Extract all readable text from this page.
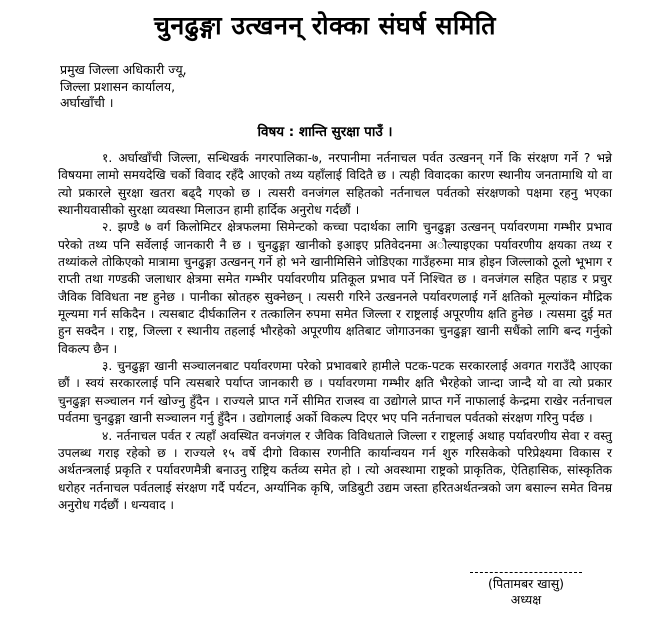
चुनढुङ्गा उत्खनन् रोक्का संघर्ष समिति
प्रमुख जिल्ला अधिकारी ज्यू,
जिल्ला प्रशासन कार्यालय,
अर्घाखाँची ।
विषय : शान्ति सुरक्षा पाउँ ।

१. अर्घाखाँची जिल्ला, सन्धिखर्क नगरपालिका-७, नरपानीमा नर्तनाचल पर्वत उत्खनन् गर्ने कि संरक्षण गर्ने ? भन्ने विषयमा लामो समयदेखि चर्को विवाद रहँदै आएको तथ्य यहाँलाई विदितै छ । त्यही विवादका कारण स्थानीय जनतामाथि यो वा त्यो प्रकारले सुरक्षा खतरा बढ्दै गएको छ । त्यसरी वनजंगल सहितको नर्तनाचल पर्वतको संरक्षणको पक्षमा रहनु भएका स्थानीयवासीको सुरक्षा व्यवस्था मिलाउन हामी हार्दिक अनुरोध गर्दछौं ।

२. झण्डै ७ वर्ग किलोमिटर क्षेत्रफलमा सिमेन्टको कच्चा पदार्थका लागि चुनढुङ्गा उत्खनन् पर्यावरणमा गम्भीर प्रभाव परेको तथ्य पनि सर्वेलाई जानकारी नै छ । चुनढुङ्गा खानीको इआइए प्रतिवेदनमा अौल्याइएका पर्यावरणीय क्षयका तथ्य र तथ्यांकले तोकिएको मात्रामा चुनढुङ्गा उत्खनन् गर्ने हो भने खानीमिसिने जोडिएका गाउँहरुमा मात्र होइन जिल्लाको ठूलो भूभाग र राप्ती तथा गण्डकी जलाधार क्षेत्रमा समेत गम्भीर पर्यावरणीय प्रतिकूल प्रभाव पर्ने निश्चित छ । वनजंगल सहित पहाड र प्रचुर जैविक विविधता नष्ट हुनेछ । पानीका स्रोतहरु सुक्नेछन् । त्यसरी गरिने उत्खननले पर्यावरणलाई गर्ने क्षतिको मूल्यांकन मौद्रिक मूल्यमा गर्न सकिदैन । त्यसबाट दीर्घकालिन र तत्कालिन रुपमा समेत जिल्ला र राष्ट्रलाई अपूरणीय क्षति हुनेछ । त्यसमा दुई मत हुन सक्दैन । राष्ट्र, जिल्ला र स्थानीय तहलाई भौरहेको अपूरणीय क्षतिबाट जोगाउनका चुनढुङ्गा खानी सधैंको लागि बन्द गर्नुको विकल्प छैन ।

३. चुनढुङ्गा खानी सञ्चालनबाट पर्यावरणमा परेको प्रभावबारे हामीले पटक-पटक सरकारलाई अवगत गराउँदै आएका छौं । स्वयं सरकारलाई पनि त्यसबारे पर्याप्त जानकारी छ । पर्यावरणमा गम्भीर क्षति भैरहेको जान्दा जान्दै यो वा त्यो प्रकार चुनढुङ्गा सञ्चालन गर्न खोज्नु हुँदैन । राज्यले प्राप्त गर्ने सीमित राजस्व वा उद्योगले प्राप्त गर्ने नाफालाई केन्द्रमा राखेर नर्तनाचल पर्वतमा चुनढुङ्गा खानी सञ्चालन गर्नु हुँदैन । उद्योगलाई अर्को विकल्प दिएर भए पनि नर्तनाचल पर्वतको संरक्षण गरिनु पर्दछ ।

४. नर्तनाचल पर्वत र त्यहाँ अवस्थित वनजंगल र जैविक विविधताले जिल्ला र राष्ट्रलाई अथाह पर्यावरणीय सेवा र वस्तु उपलब्ध गराइ रहेको छ । राज्यले १५ वर्षे दीगो विकास रणनीति कार्यान्वयन गर्न शुरु गरिसकेको परिप्रेक्ष्यमा विकास र अर्थतन्त्रलाई प्रकृति र पर्यावरणमैत्री बनाउनु राष्ट्रिय कर्तव्य समेत हो । त्यो अवस्थामा राष्ट्रको प्राकृतिक, ऐतिहासिक, सांस्कृतिक धरोहर नर्तनाचल पर्वतलाई संरक्षण गर्दै पर्यटन, अर्ग्यानिक कृषि, जडिबुटी उद्यम जस्ता हरितअर्थतन्त्रको जग बसाल्न समेत विनम्र अनुरोध गर्दछौं । धन्यवाद ।

(पितामबर खासु)
अध्यक्ष
